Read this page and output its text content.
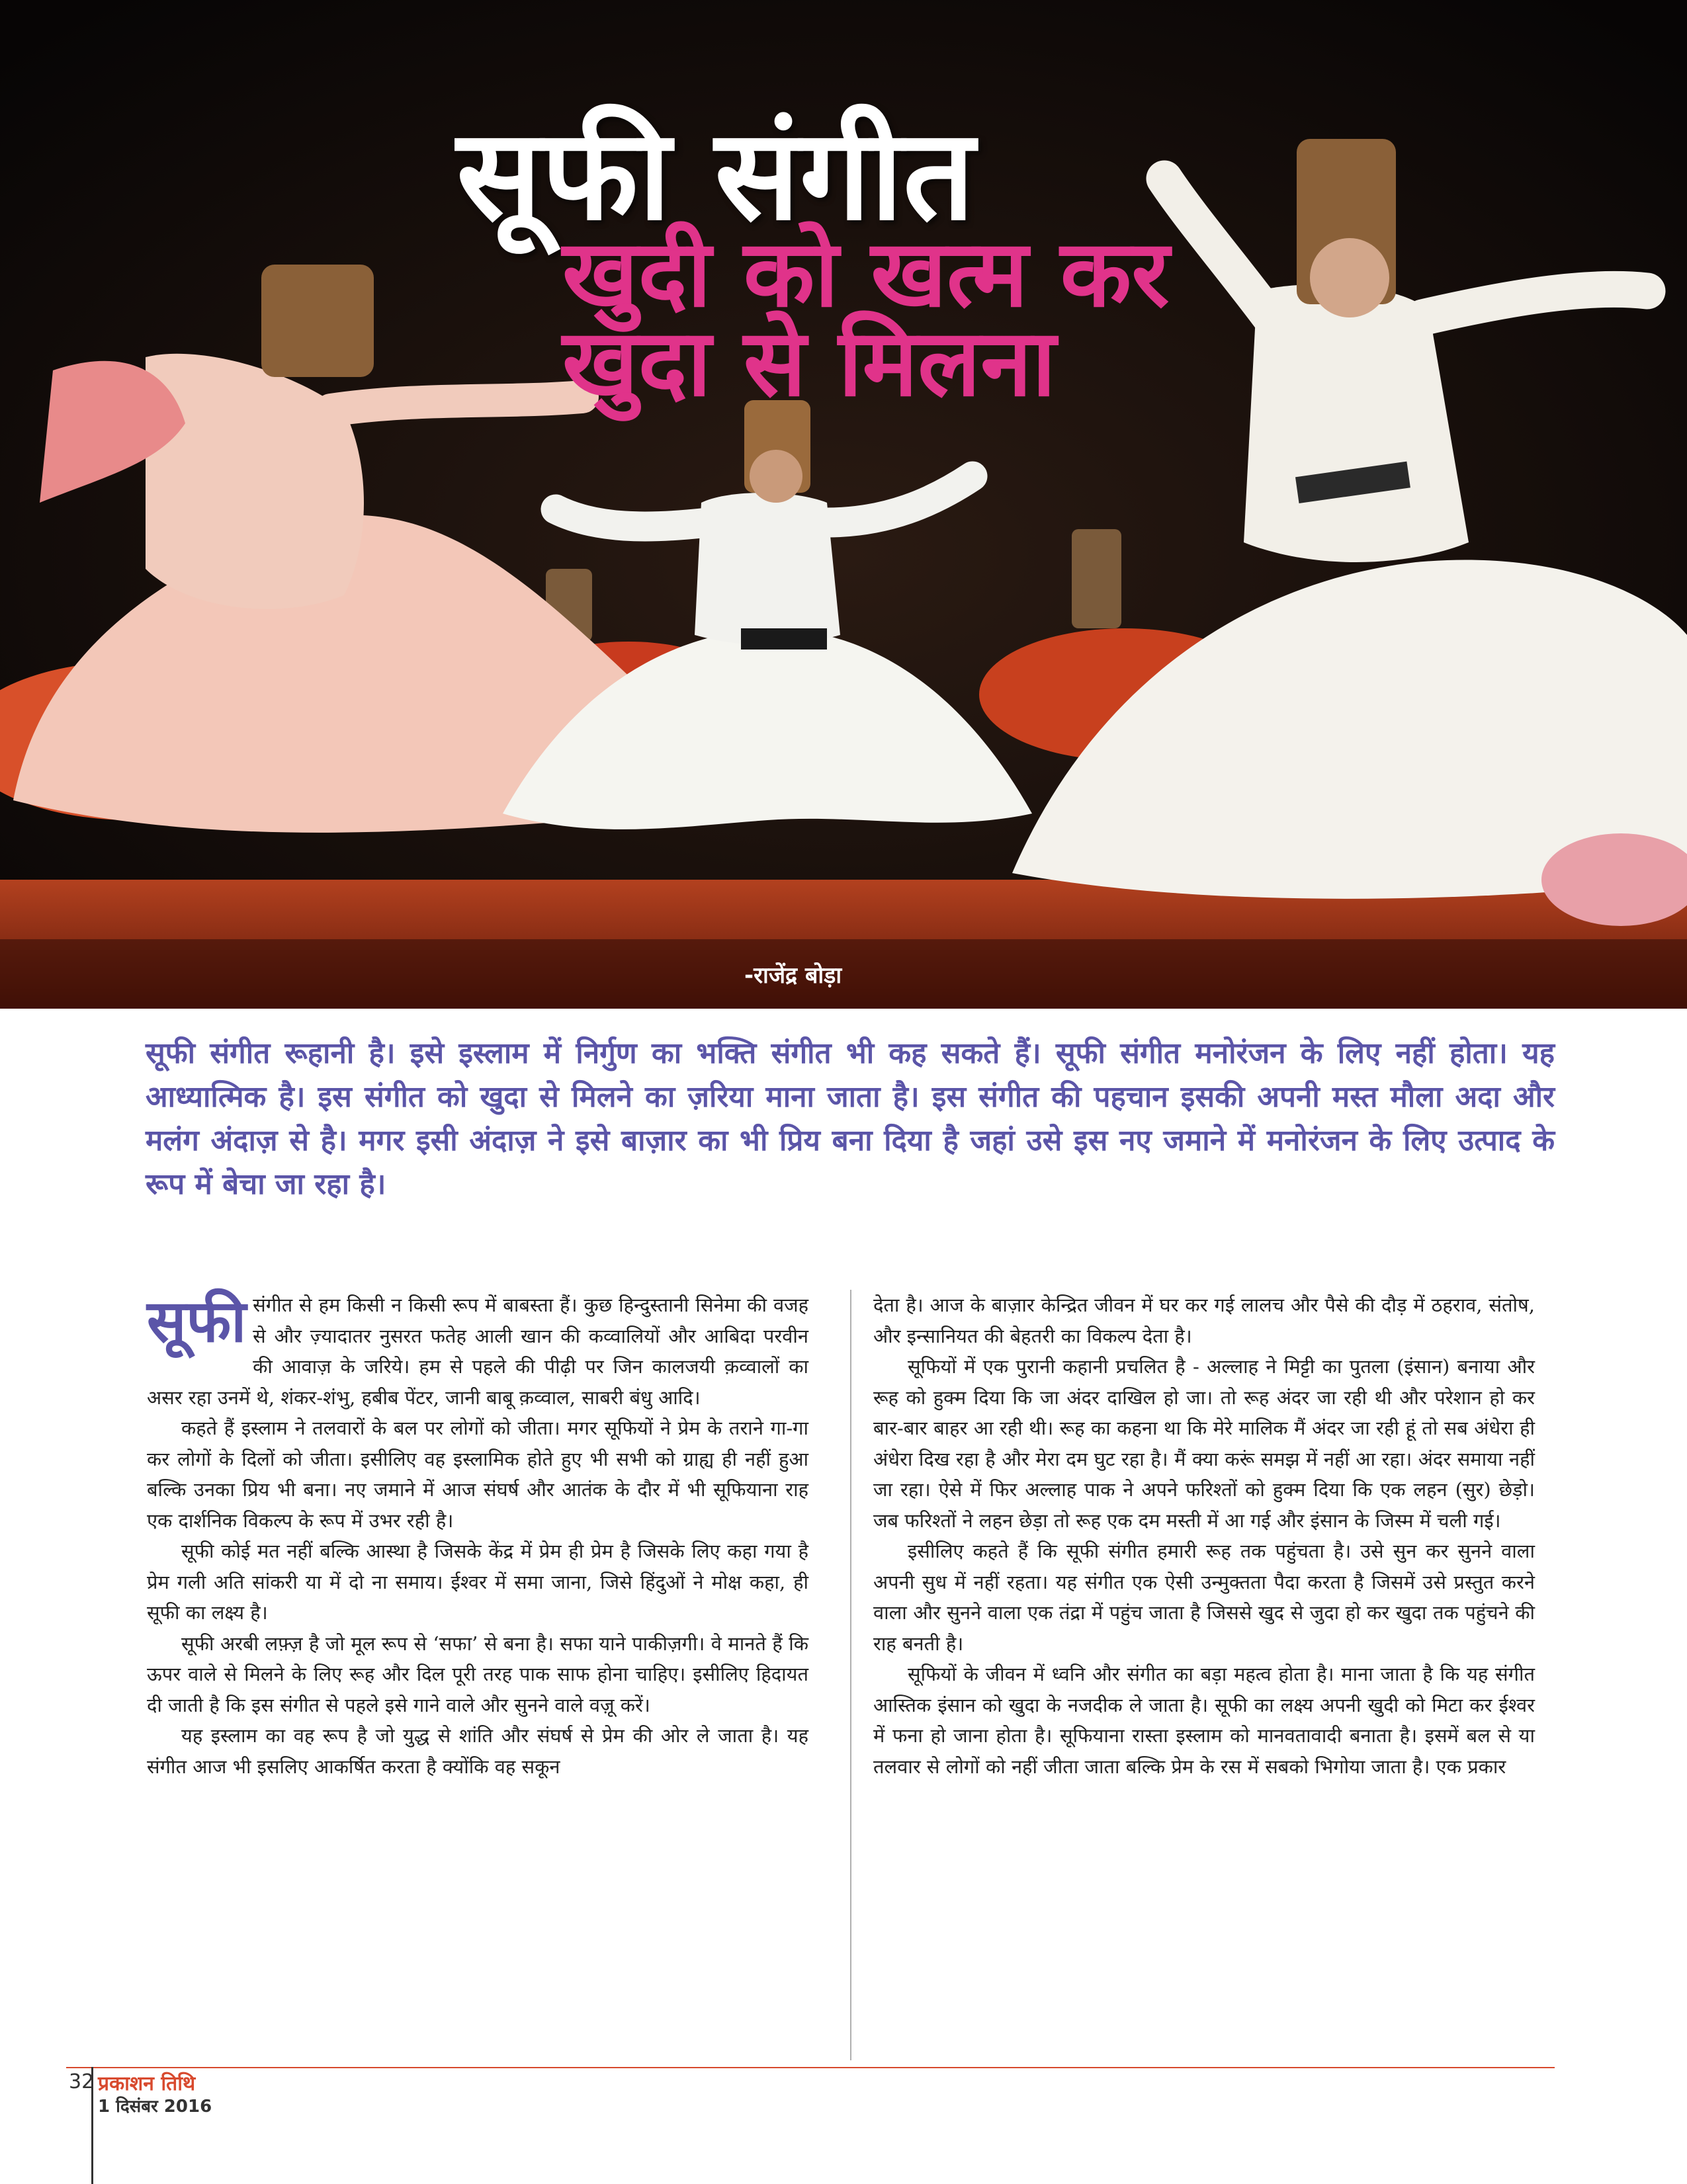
सूफी संगीत
खुदी को खत्म कर
खुदा से मिलना
-राजेंद्र बोड़ा

सूफी संगीत रूहानी है। इसे इस्लाम में निर्गुण का भक्ति संगीत भी कह सकते हैं। सूफी संगीत मनोरंजन के लिए नहीं होता। यह आध्यात्मिक है। इस संगीत को खुदा से मिलने का ज़रिया माना जाता है। इस संगीत की पहचान इसकी अपनी मस्त मौला अदा और मलंग अंदाज़ से है। मगर इसी अंदाज़ ने इसे बाज़ार का भी प्रिय बना दिया है जहां उसे इस नए जमाने में मनोरंजन के लिए उत्पाद के रूप में बेचा जा रहा है।

सूफी संगीत से हम किसी न किसी रूप में बाबस्ता हैं। कुछ हिन्दुस्तानी सिनेमा की वजह से और ज़्यादातर नुसरत फतेह आली खान की कव्वालियों और आबिदा परवीन की आवाज़ के जरिये। हम से पहले की पीढ़ी पर जिन कालजयी क़व्वालों का असर रहा उनमें थे, शंकर-शंभु, हबीब पेंटर, जानी बाबू क़व्वाल, साबरी बंधु आदि।

कहते हैं इस्लाम ने तलवारों के बल पर लोगों को जीता। मगर सूफियों ने प्रेम के तराने गा-गा कर लोगों के दिलों को जीता। इसीलिए वह इस्लामिक होते हुए भी सभी को ग्राह्य ही नहीं हुआ बल्कि उनका प्रिय भी बना। नए जमाने में आज संघर्ष और आतंक के दौर में भी सूफियाना राह एक दार्शनिक विकल्प के रूप में उभर रही है।

सूफी कोई मत नहीं बल्कि आस्था है जिसके केंद्र में प्रेम ही प्रेम है जिसके लिए कहा गया है प्रेम गली अति सांकरी या में दो ना समाय। ईश्वर में समा जाना, जिसे हिंदुओं ने मोक्ष कहा, ही सूफी का लक्ष्य है।

सूफी अरबी लफ़्ज़ है जो मूल रूप से ‘सफा’ से बना है। सफा याने पाकीज़गी। वे मानते हैं कि ऊपर वाले से मिलने के लिए रूह और दिल पूरी तरह पाक साफ होना चाहिए। इसीलिए हिदायत दी जाती है कि इस संगीत से पहले इसे गाने वाले और सुनने वाले वज़ू करें।

यह इस्लाम का वह रूप है जो युद्ध से शांति और संघर्ष से प्रेम की ओर ले जाता है। यह संगीत आज भी इसलिए आकर्षित करता है क्योंकि वह सकून

देता है। आज के बाज़ार केन्द्रित जीवन में घर कर गई लालच और पैसे की दौड़ में ठहराव, संतोष, और इन्सानियत की बेहतरी का विकल्प देता है।

सूफियों में एक पुरानी कहानी प्रचलित है - अल्लाह ने मिट्टी का पुतला (इंसान) बनाया और रूह को हुक्म दिया कि जा अंदर दाखिल हो जा। तो रूह अंदर जा रही थी और परेशान हो कर बार-बार बाहर आ रही थी। रूह का कहना था कि मेरे मालिक मैं अंदर जा रही हूं तो सब अंधेरा ही अंधेरा दिख रहा है और मेरा दम घुट रहा है। मैं क्या करूं समझ में नहीं आ रहा। अंदर समाया नहीं जा रहा। ऐसे में फिर अल्लाह पाक ने अपने फरिश्तों को हुक्म दिया कि एक लहन (सुर) छेड़ो। जब फरिश्तों ने लहन छेड़ा तो रूह एक दम मस्ती में आ गई और इंसान के जिस्म में चली गई।

इसीलिए कहते हैं कि सूफी संगीत हमारी रूह तक पहुंचता है। उसे सुन कर सुनने वाला अपनी सुध में नहीं रहता। यह संगीत एक ऐसी उन्मुक्तता पैदा करता है जिसमें उसे प्रस्तुत करने वाला और सुनने वाला एक तंद्रा में पहुंच जाता है जिससे खुद से जुदा हो कर खुदा तक पहुंचने की राह बनती है।

सूफियों के जीवन में ध्वनि और संगीत का बड़ा महत्व होता है। माना जाता है कि यह संगीत आस्तिक इंसान को खुदा के नजदीक ले जाता है। सूफी का लक्ष्य अपनी खुदी को मिटा कर ईश्वर में फना हो जाना होता है। सूफियाना रास्ता इस्लाम को मानवतावादी बनाता है। इसमें बल से या तलवार से लोगों को नहीं जीता जाता बल्कि प्रेम के रस में सबको भिगोया जाता है। एक प्रकार

32 प्रकाशन तिथि
1 दिसंबर 2016
